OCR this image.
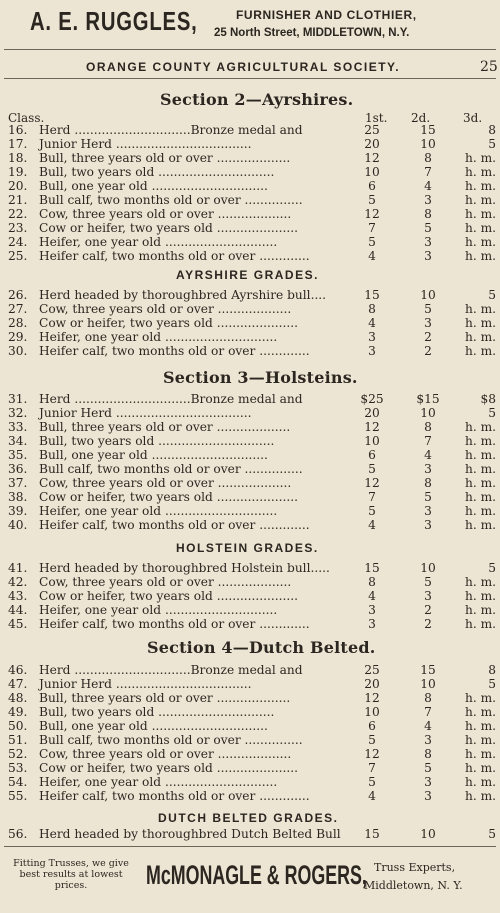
A. E. RUGGLES,	FURNISHER AND CLOTHIER,
25 North Street, MIDDLETOWN, N.Y.
ORANGE COUNTY AGRICULTURAL SOCIETY.	25
Section 2—Ayrshires.
Class.	1st. 2d.	3d.
16. Herd ..............................Bronze medal and	25	15	8
17. Junior Herd ...................................	20	10	5
18. Bull, three years old or over ...................	12	8	h. m.
19. Bull, two years old ..............................	10	7	h. m.
20. Bull, one year old ..............................	6	4	h. m.
21. Bull calf, two months old or over ...............	5	3	h. m.
22. Cow, three years old or over ...................	12	8	h. m.
23. Cow or heifer, two years old .....................	7	5	h. m.
24. Heifer, one year old .............................	5	3	h. m.
25. Heifer calf, two months old or over .............	4	3	h. m.
26. Herd headed by thoroughbred Ayrshire bull....	15	10	5
27. Cow, three years old or over ...................	8	5	h. m.
28. Cow or heifer, two years old .....................	4	3	h. m.
29. Heifer, one year old .............................	3	2	h. m.
30. Heifer calf, two months old or over .............	3	2	h. m.
31. Herd ..............................Bronze medal and	$25	$15	$8
32. Junior Herd ...................................	20	10	5
33. Bull, three years old or over ...................	12	8	h. m.
34. Bull, two years old ..............................	10	7	h. m.
35. Bull, one year old ..............................	6	4	h. m.
36. Bull calf, two months old or over ...............	5	3	h. m.
37. Cow, three years old or over ...................	12	8	h. m.
38. Cow or heifer, two years old .....................	7	5	h. m.
39. Heifer, one year old .............................	5	3	h. m.
40. Heifer calf, two months old or over .............	4	3	h. m.
41. Herd headed by thoroughbred Holstein bull.....	15	10	5
42. Cow, three years old or over ...................	8	5	h. m.
43. Cow or heifer, two years old .....................	4	3	h. m.
44. Heifer, one year old .............................	3	2	h. m.
45. Heifer calf, two months old or over .............	3	2	h. m.
46. Herd ..............................Bronze medal and	25	15	8
47. Junior Herd ...................................	20	10	5
48. Bull, three years old or over ...................	12	8	h. m.
49. Bull, two years old ..............................	10	7	h. m.
50. Bull, one year old ..............................	6	4	h. m.
51. Bull calf, two months old or over ...............	5	3	h. m.
52. Cow, three years old or over ...................	12	8	h. m.
53. Cow or heifer, two years old .....................	7	5	h. m.
54. Heifer, one year old .............................	5	3	h. m.
55. Heifer calf, two months old or over .............	4	3	h. m.
56. Herd headed by thoroughbred Dutch Belted Bull	15	10	5
AYRSHIRE GRADES.
Section 3—Holsteins.
HOLSTEIN GRADES.
Section 4—Dutch Belted.
DUTCH BELTED GRADES.
Fitting Trusses, we give best results at lowest prices.	McMONAGLE & ROGERS, Truss Experts,
Middletown, N. Y.
